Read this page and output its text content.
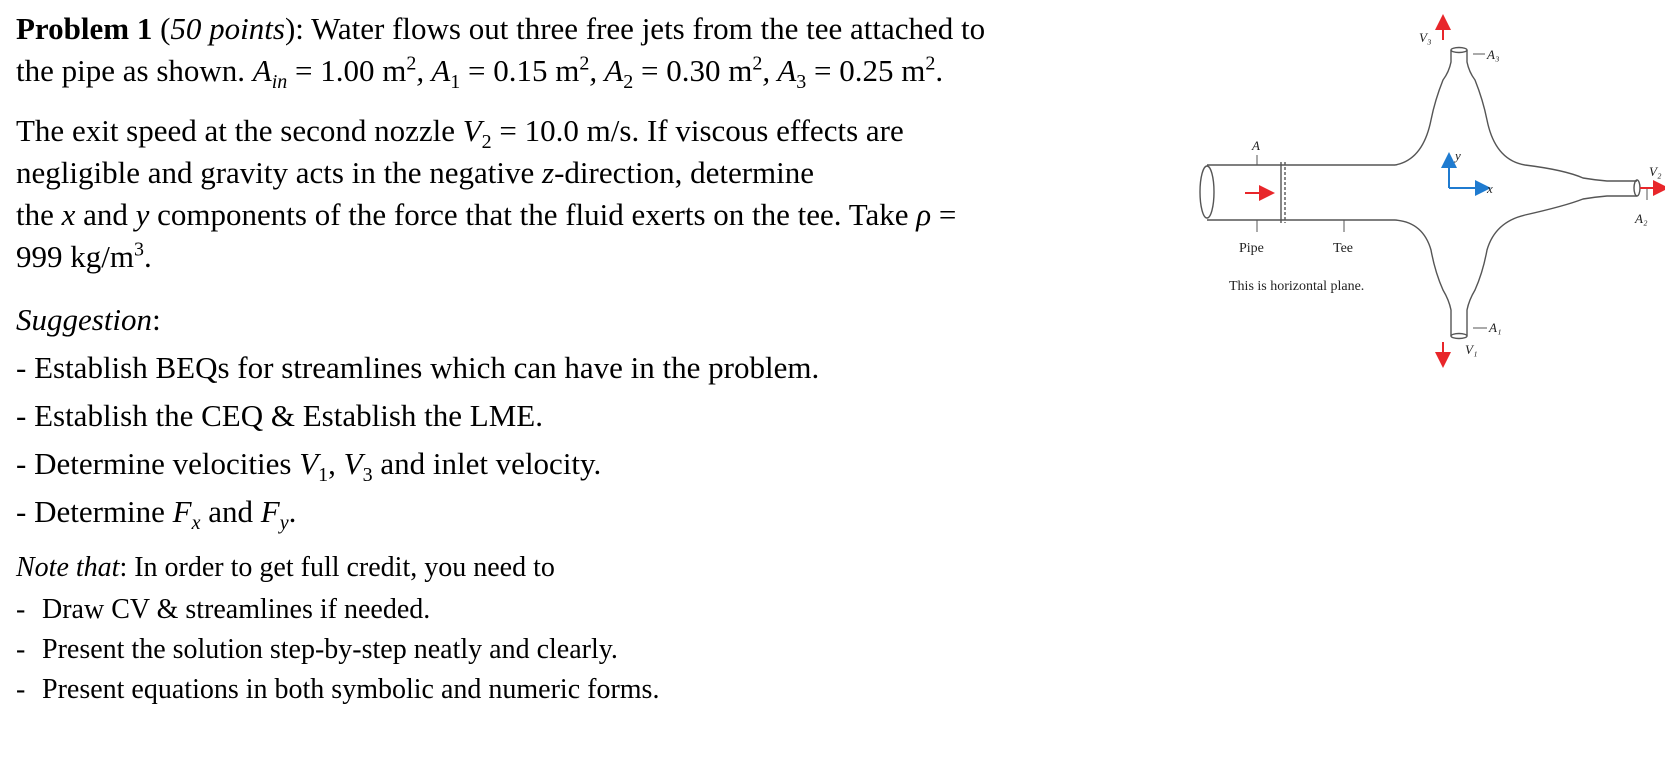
Problem 1 (50 points): Water flows out three free jets from the tee attached to
the pipe as shown. $A_{in} = 1.00$ $m^2$, $A_1 = 0.15$ $m^2$, $A_2 = 0.30$ $m^2$, $A_3 = 0.25$ $m^2$.
The exit speed at the second nozzle $V_2 = 10.0$ m/s. If viscous effects are
negligible and gravity acts in the negative z-direction, determine
the x and y components of the force that the fluid exerts on the tee. Take ρ =
999 $kg/m^3$.
Suggestion:
- Establish BEQs for streamlines which can have in the problem.
- Establish the CEQ & Establish the LME.
- Determine velocities $V_1$, $V_3$ and inlet velocity.
- Determine $F_x$ and $F_y$.
Note that: In order to get full credit, you need to
- Draw CV & streamlines if needed.
- Present the solution step-by-step neatly and clearly.
- Present equations in both symbolic and numeric forms.
V₃
A₃
A
y
x
V₂
A₂
A₁
V₁
Pipe	Tee
This is horizontal plane.
